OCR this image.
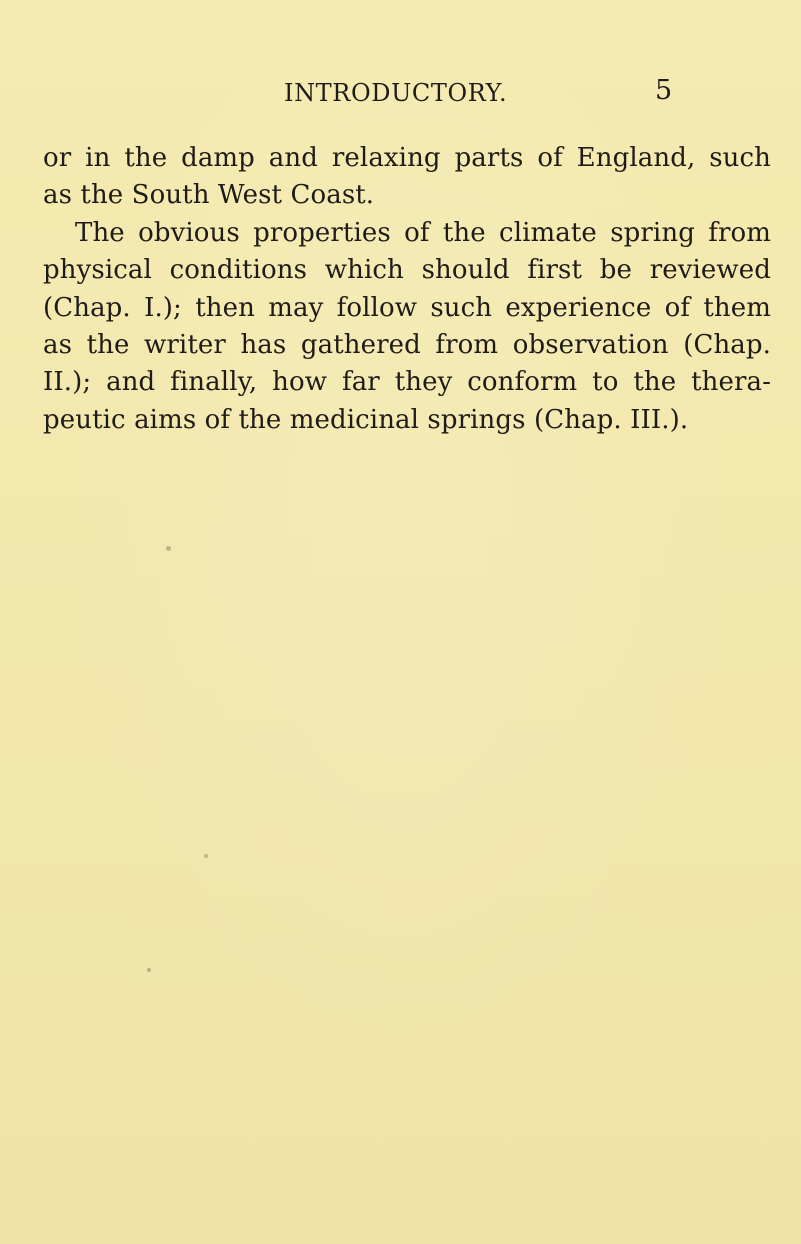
INTRODUCTORY.	5
or in the damp and relaxing parts of England, such
as the South West Coast.
The obvious properties of the climate spring from
physical conditions which should first be reviewed
(Chap. I.); then may follow such experience of them
as the writer has gathered from observation (Chap.
II.); and finally, how far they conform to the thera-
peutic aims of the medicinal springs (Chap. III.).
